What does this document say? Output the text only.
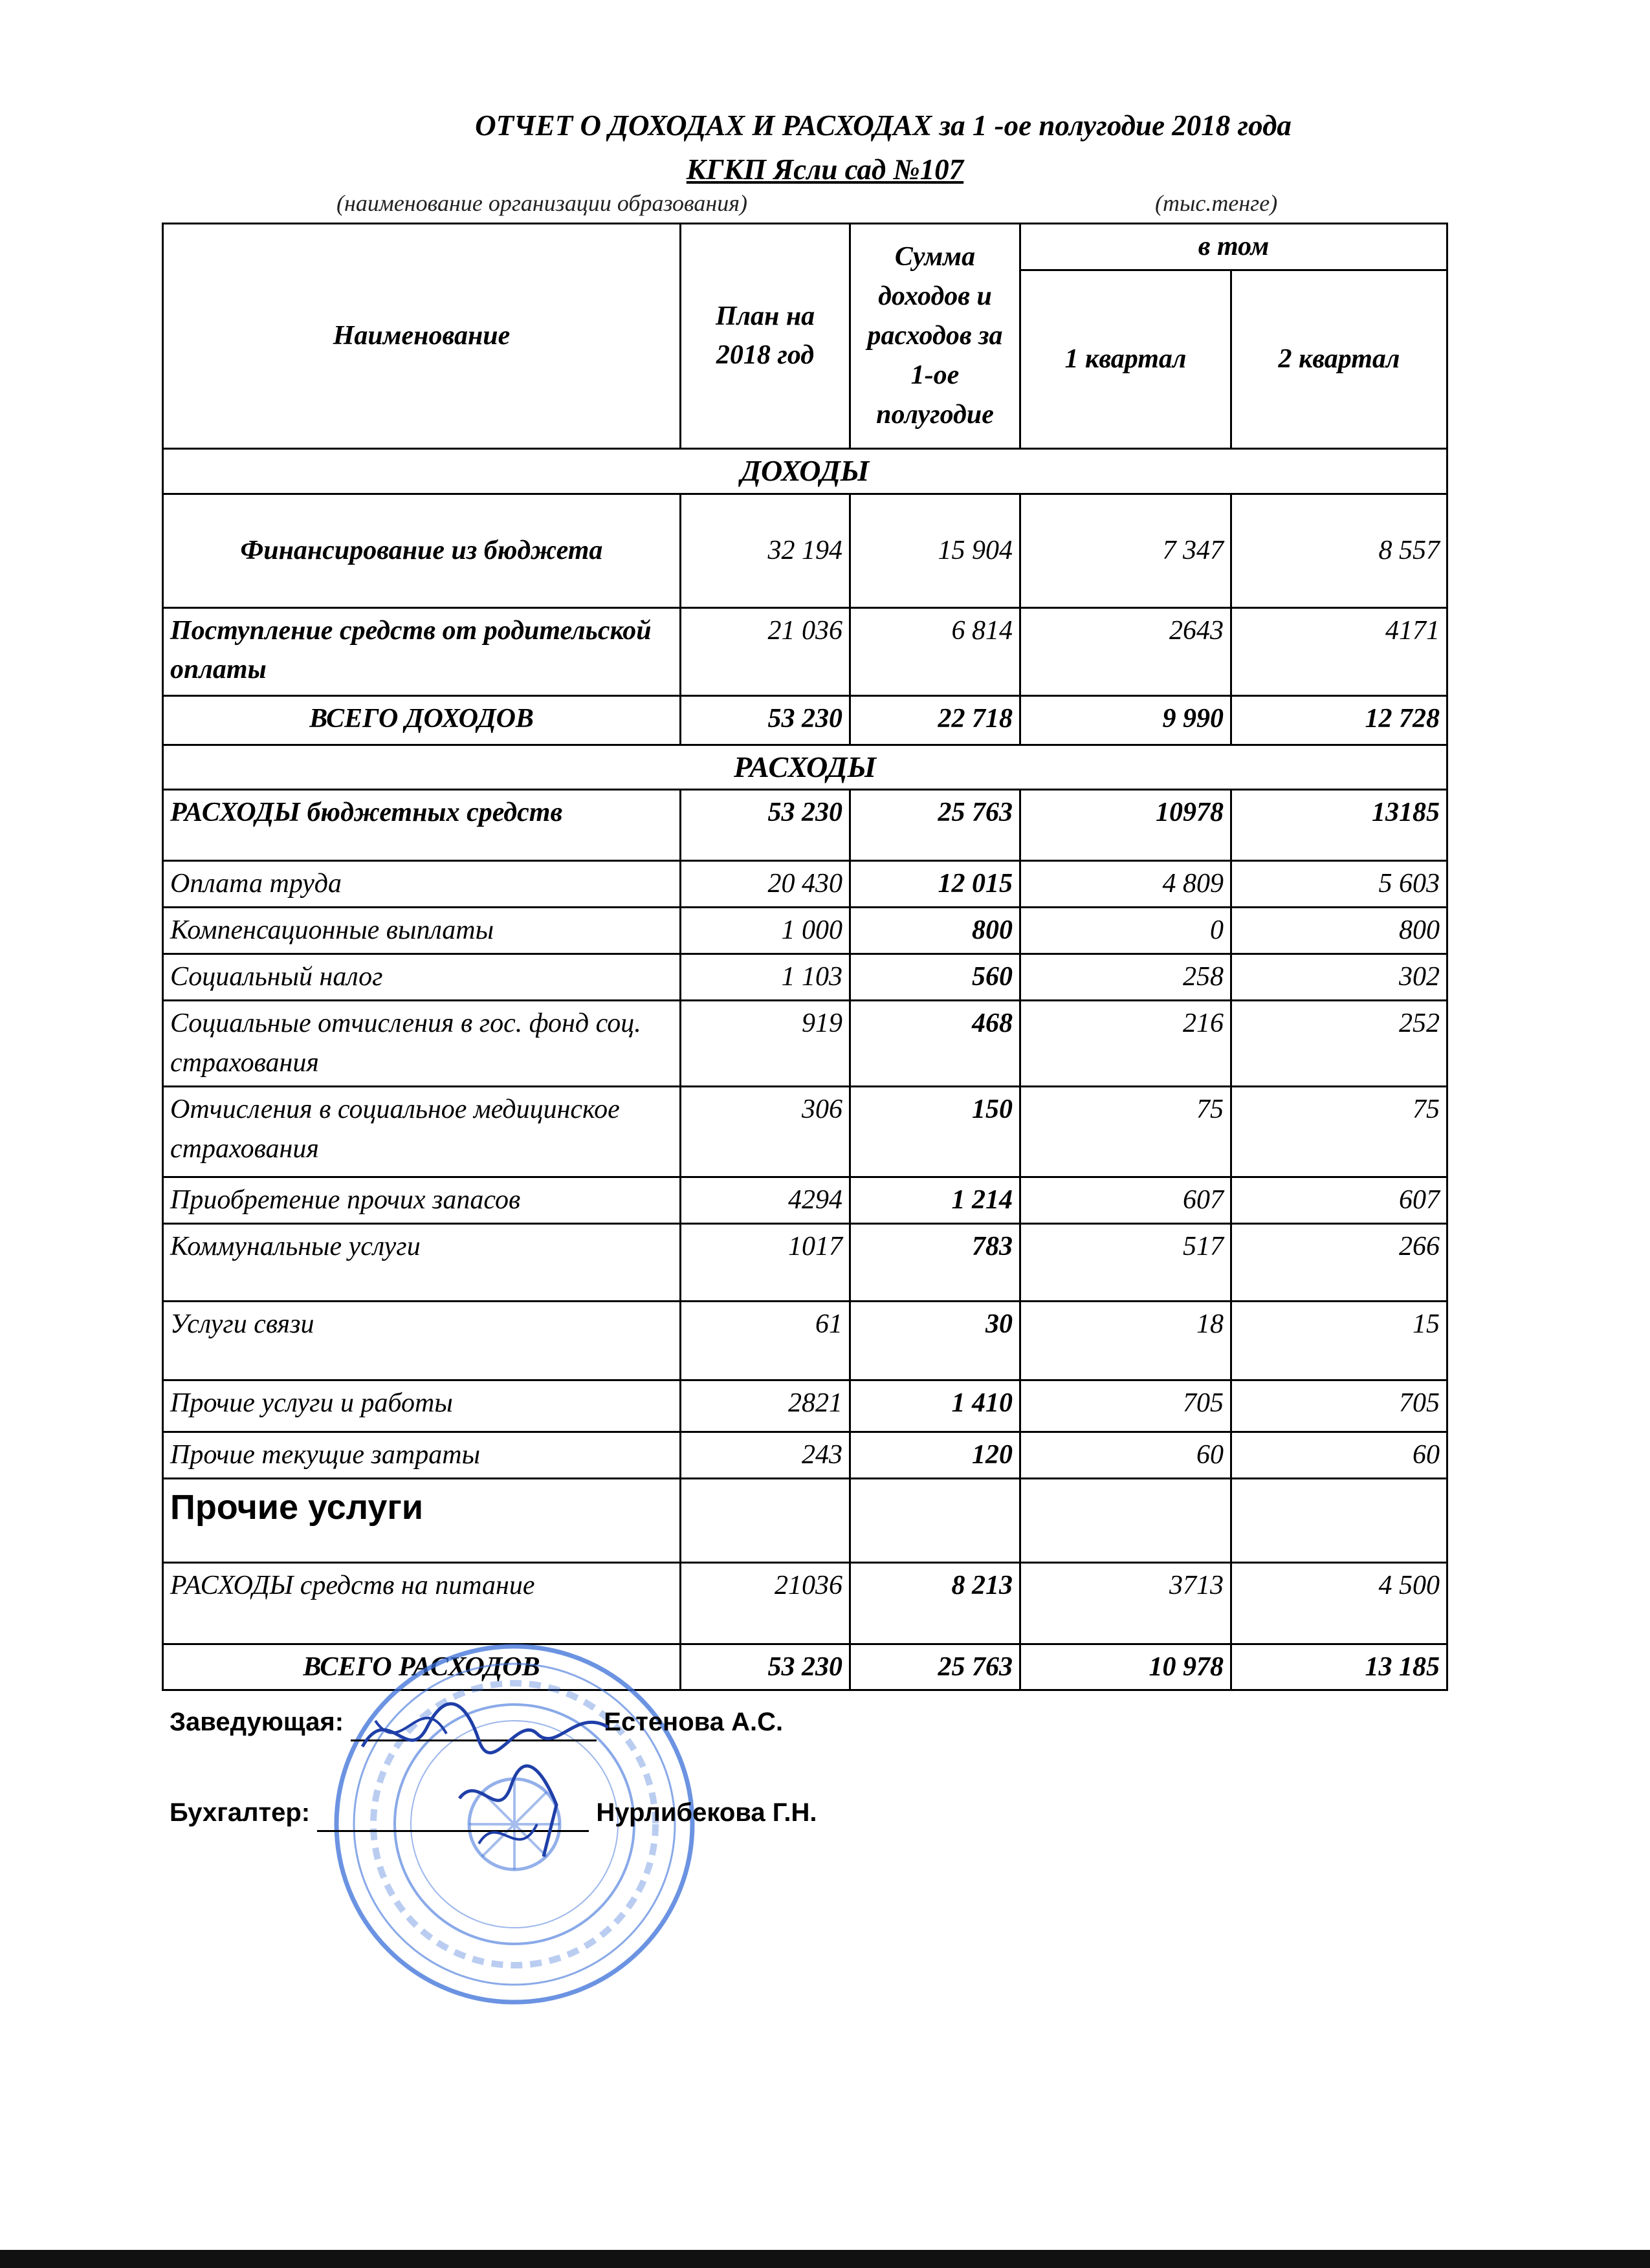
ОТЧЕТ О ДОХОДАХ И РАСХОДАХ за 1 -ое полугодие 2018 года
КГКП Ясли сад №107
(наименование организации образования)	(тыс.тенге)
Наименование	План на 2018 год	Сумма доходов и расходов за 1-ое полугодие	в том	
			1 квартал	2 квартал
ДОХОДЫ				
Финансирование из бюджета	32 194	15 904	7 347	8 557
Поступление средств от родительской оплаты	21 036	6 814	2643	4171
ВСЕГО ДОХОДОВ	53 230	22 718	9 990	12 728
РАСХОДЫ				
РАСХОДЫ бюджетных средств	53 230	25 763	10978	13185
Оплата труда	20 430	12 015	4 809	5 603
Компенсационные выплаты	1 000	800	0	800
Социальный налог	1 103	560	258	302
Социальные отчисления в гос. фонд соц. страхования	919	468	216	252
Отчисления в социальное медицинское страхования	306	150	75	75
Приобретение прочих запасов	4294	1 214	607	607
Коммунальные услуги	1017	783	517	266
Услуги связи	61	30	18	15
Прочие услуги и работы	2821	1 410	705	705
Прочие текущие затраты	243	120	60	60
Прочие услуги				
РАСХОДЫ средств на питание	21036	8 213	3713	4 500
ВСЕГО РАСХОДОВ	53 230	25 763	10 978	13 185
Заведующая:	Естенова А.С.
Бухгалтер:	Нурлибекова Г.Н.
